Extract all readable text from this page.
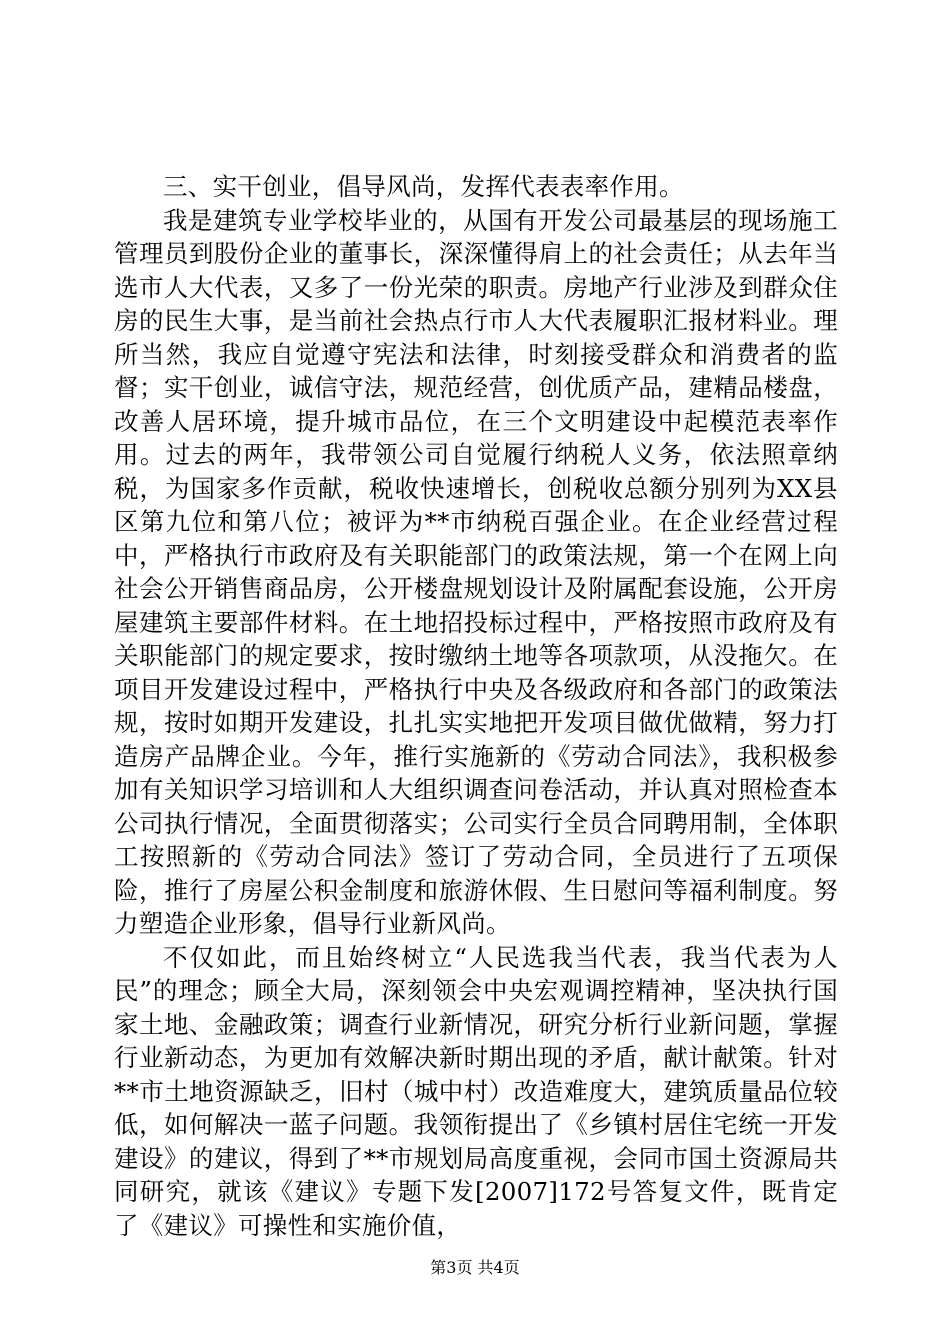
三、实干创业，倡导风尚，发挥代表表率作用。

我是建筑专业学校毕业的，从国有开发公司最基层的现场施工管理员到股份企业的董事长，深深懂得肩上的社会责任；从去年当选市人大代表，又多了一份光荣的职责。房地产行业涉及到群众住房的民生大事，是当前社会热点行市人大代表履职汇报材料业。理所当然，我应自觉遵守宪法和法律，时刻接受群众和消费者的监督；实干创业，诚信守法，规范经营，创优质产品，建精品楼盘，改善人居环境，提升城市品位，在三个文明建设中起模范表率作用。过去的两年，我带领公司自觉履行纳税人义务，依法照章纳税，为国家多作贡献，税收快速增长，创税收总额分别列为XX县区第九位和第八位；被评为**市纳税百强企业。在企业经营过程中，严格执行市政府及有关职能部门的政策法规，第一个在网上向社会公开销售商品房，公开楼盘规划设计及附属配套设施，公开房屋建筑主要部件材料。在土地招投标过程中，严格按照市政府及有关职能部门的规定要求，按时缴纳土地等各项款项，从没拖欠。在项目开发建设过程中，严格执行中央及各级政府和各部门的政策法规，按时如期开发建设，扎扎实实地把开发项目做优做精，努力打造房产品牌企业。今年，推行实施新的《劳动合同法》，我积极参加有关知识学习培训和人大组织调查问卷活动，并认真对照检查本公司执行情况，全面贯彻落实；公司实行全员合同聘用制，全体职工按照新的《劳动合同法》签订了劳动合同，全员进行了五项保险，推行了房屋公积金制度和旅游休假、生日慰问等福利制度。努力塑造企业形象，倡导行业新风尚。

不仅如此，而且始终树立“人民选我当代表，我当代表为人民”的理念；顾全大局，深刻领会中央宏观调控精神，坚决执行国家土地、金融政策；调查行业新情况，研究分析行业新问题，掌握行业新动态，为更加有效解决新时期出现的矛盾，献计献策。针对**市土地资源缺乏，旧村（城中村）改造难度大，建筑质量品位较低，如何解决一蓝子问题。我领衔提出了《乡镇村居住宅统一开发建设》的建议，得到了**市规划局高度重视，会同市国土资源局共同研究，就该《建议》专题下发[2007]172号答复文件，既肯定了《建议》可操性和实施价值，

第3页 共4页
